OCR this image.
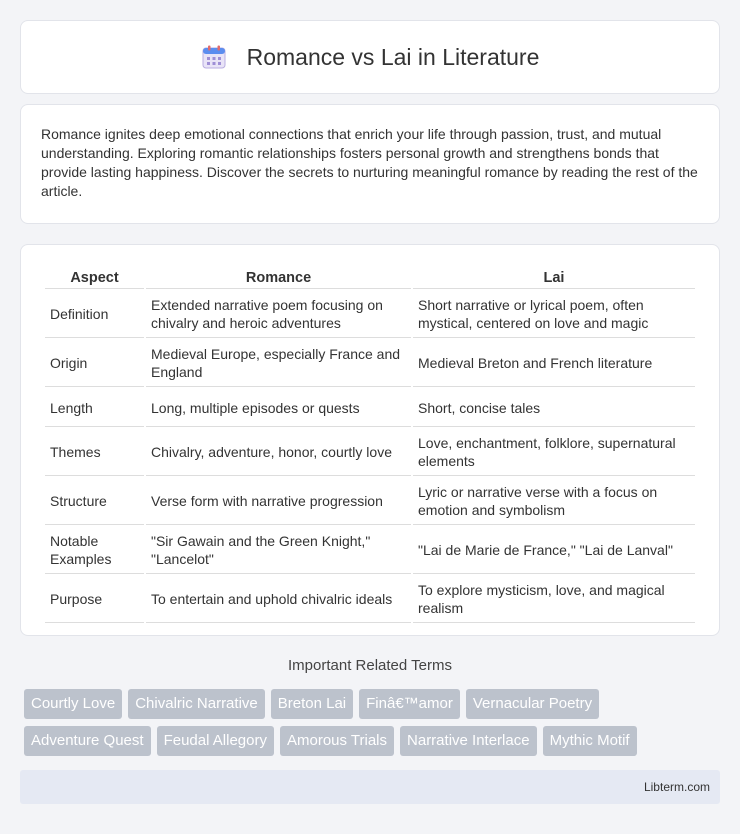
Romance vs Lai in Literature

Romance ignites deep emotional connections that enrich your life through passion, trust, and mutual understanding. Exploring romantic relationships fosters personal growth and strengthens bonds that provide lasting happiness. Discover the secrets to nurturing meaningful romance by reading the rest of the article.

Aspect	Romance	Lai
Definition	Extended narrative poem focusing on chivalry and heroic adventures	Short narrative or lyrical poem, often mystical, centered on love and magic
Origin	Medieval Europe, especially France and England	Medieval Breton and French literature
Length	Long, multiple episodes or quests	Short, concise tales
Themes	Chivalry, adventure, honor, courtly love	Love, enchantment, folklore, supernatural elements
Structure	Verse form with narrative progression	Lyric or narrative verse with a focus on emotion and symbolism
Notable Examples	"Sir Gawain and the Green Knight," "Lancelot"	"Lai de Marie de France," "Lai de Lanval"
Purpose	To entertain and uphold chivalric ideals	To explore mysticism, love, and magical realism
Important Related Terms
Courtly Love	Chivalric Narrative	Breton Lai	Finâ€™amor	Vernacular Poetry
Adventure Quest	Feudal Allegory	Amorous Trials	Narrative Interlace	Mythic Motif
Libterm.com
